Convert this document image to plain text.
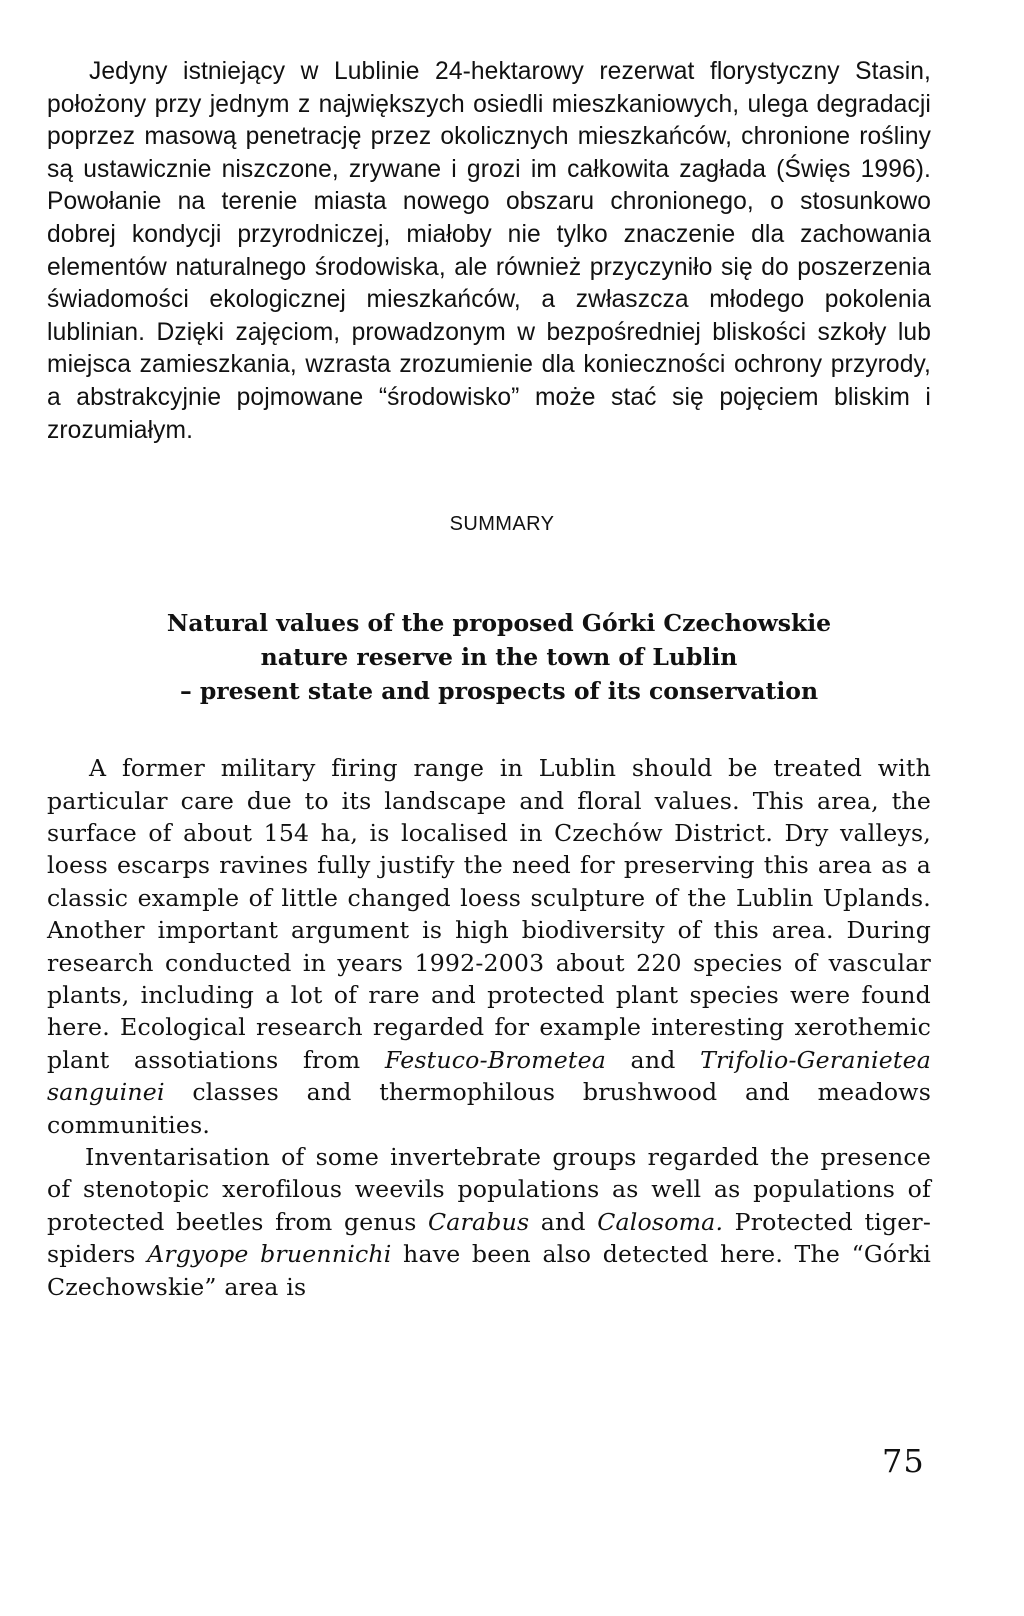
Jedyny istniejący w Lublinie 24-hektarowy rezerwat florystyczny Stasin, położony przy jednym z największych osiedli mieszkaniowych, ulega degradacji poprzez masową penetrację przez okolicznych mieszkańców, chronione rośliny są ustawicznie niszczone, zrywane i grozi im całkowita zagłada (Święs 1996). Powołanie na terenie miasta nowego obszaru chronionego, o stosunkowo dobrej kondycji przyrodniczej, miałoby nie tylko znaczenie dla zachowania elementów naturalnego środowiska, ale również przyczyniło się do poszerzenia świadomości ekologicznej mieszkańców, a zwłaszcza młodego pokolenia lublinian. Dzięki zajęciom, prowadzonym w bezpośredniej bliskości szkoły lub miejsca zamieszkania, wzrasta zrozumienie dla konieczności ochrony przyrody, a abstrakcyjnie pojmowane “środowisko” może stać się pojęciem bliskim i zrozumiałym.

SUMMARY
Natural values of the proposed Górki Czechowskie
nature reserve in the town of Lublin
– present state and prospects of its conservation

A former military firing range in Lublin should be treated with particular care due to its landscape and floral values. This area, the surface of about 154 ha, is localised in Czechów District. Dry valleys, loess escarps ravines fully justify the need for preserving this area as a classic example of little changed loess sculpture of the Lublin Uplands. Another important argument is high biodiversity of this area. During research conducted in years 1992-2003 about 220 species of vascular plants, including a lot of rare and protected plant species were found here. Ecological research regarded for example interesting xerothemic plant assotiations from Festuco-Brometea and Trifolio-Geranietea sanguinei classes and thermophilous brushwood and meadows communities.

Inventarisation of some invertebrate groups regarded the presence of stenotopic xerofilous weevils populations as well as populations of protected beetles from genus Carabus and Calosoma. Protected tiger-spiders Argyope bruennichi have been also detected here. The “Górki Czechowskie” area is

75
